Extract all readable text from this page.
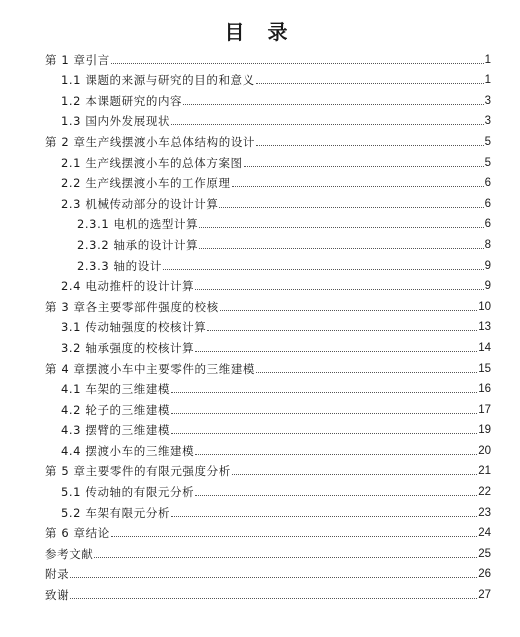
目 录
第 1 章引言	1
1.1 课题的来源与研究的目的和意义	1
1.2 本课题研究的内容	3
1.3 国内外发展现状	3
第 2 章生产线摆渡小车总体结构的设计	5
2.1 生产线摆渡小车的总体方案图	5
2.2 生产线摆渡小车的工作原理	6
2.3 机械传动部分的设计计算	6
2.3.1 电机的选型计算	6
2.3.2 轴承的设计计算	8
2.3.3 轴的设计	9
2.4 电动推杆的设计计算	9
第 3 章各主要零部件强度的校核	10
3.1 传动轴强度的校核计算	13
3.2 轴承强度的校核计算	14
第 4 章摆渡小车中主要零件的三维建模	15
4.1 车架的三维建模	16
4.2 轮子的三维建模	17
4.3 摆臂的三维建模	19
4.4 摆渡小车的三维建模	20
第 5 章主要零件的有限元强度分析	21
5.1 传动轴的有限元分析	22
5.2 车架有限元分析	23
第 6 章结论	24
参考文献	25
附录	26
致谢	27
